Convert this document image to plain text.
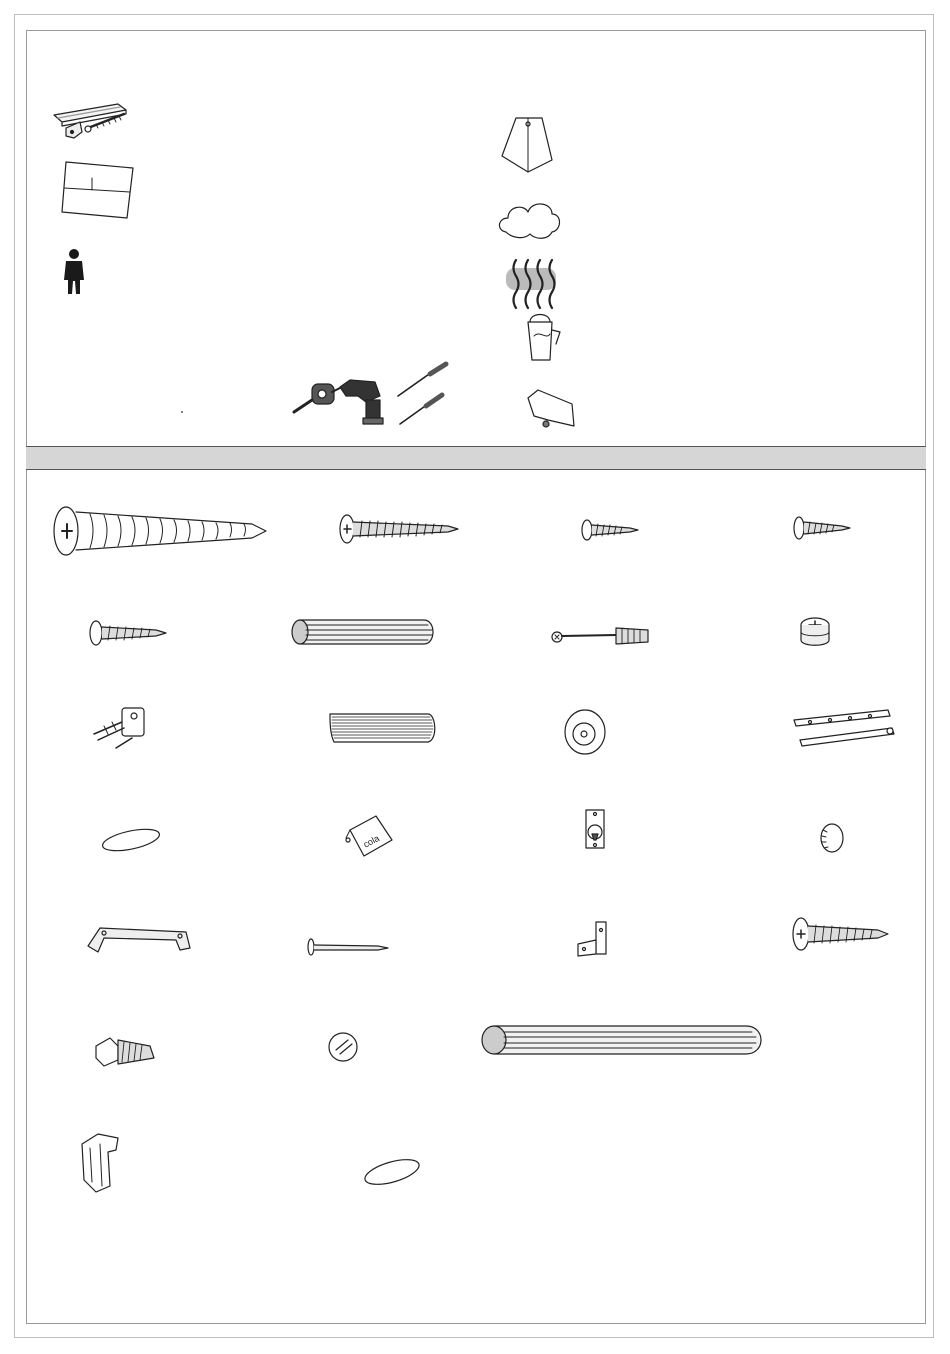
cola
